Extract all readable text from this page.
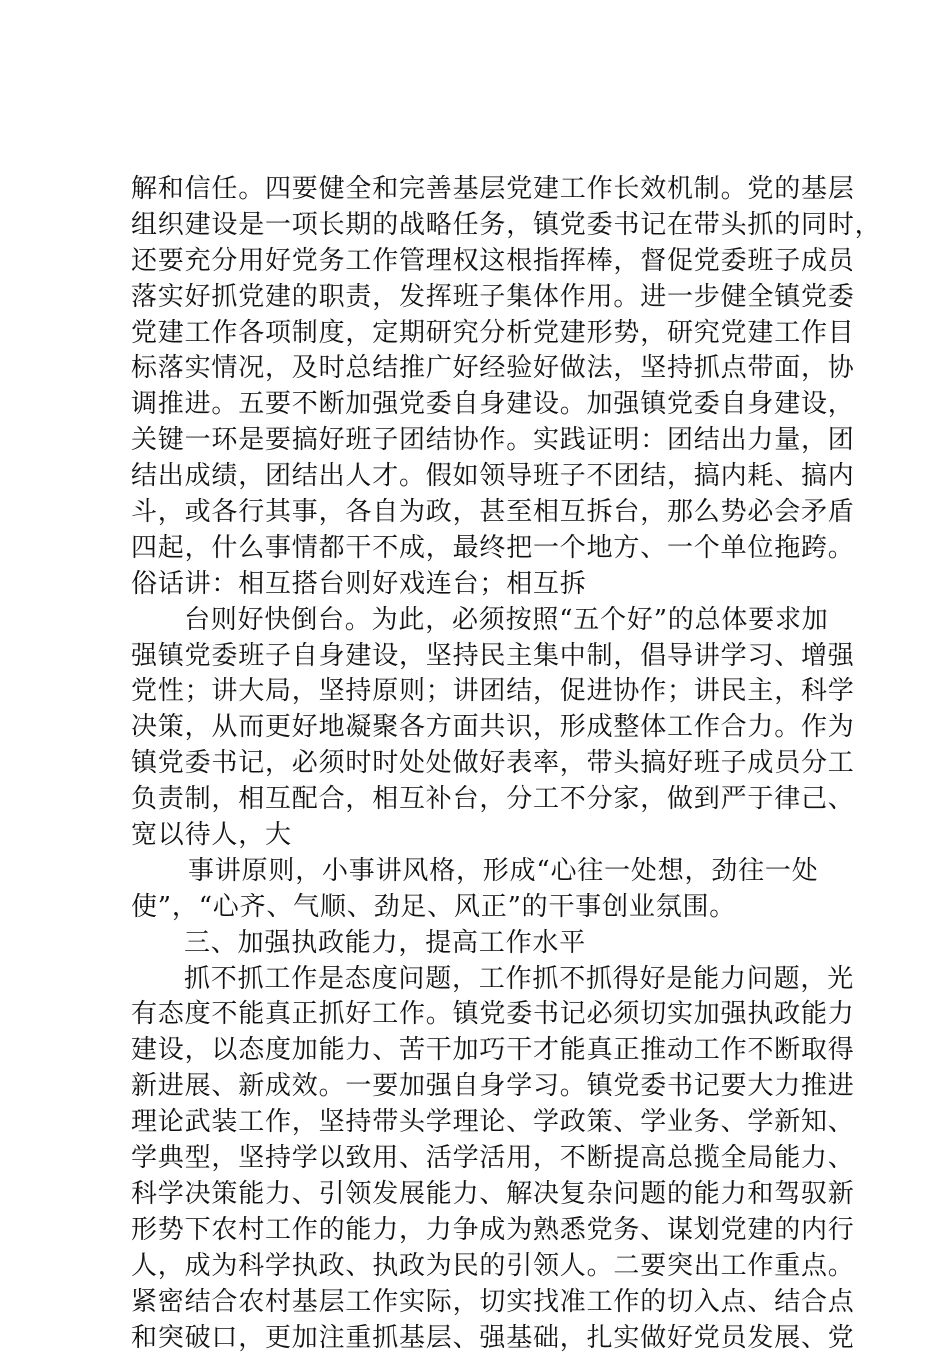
解和信任。四要健全和完善基层党建工作长效机制。党的基层
组织建设是一项长期的战略任务，镇党委书记在带头抓的同时，
还要充分用好党务工作管理权这根指挥棒，督促党委班子成员
落实好抓党建的职责，发挥班子集体作用。进一步健全镇党委
党建工作各项制度，定期研究分析党建形势，研究党建工作目
标落实情况，及时总结推广好经验好做法，坚持抓点带面，协
调推进。五要不断加强党委自身建设。加强镇党委自身建设，
关键一环是要搞好班子团结协作。实践证明：团结出力量，团
结出成绩，团结出人才。假如领导班子不团结，搞内耗、搞内
斗，或各行其事，各自为政，甚至相互拆台，那么势必会矛盾
四起，什么事情都干不成，最终把一个地方、一个单位拖跨。
俗话讲：相互搭台则好戏连台；相互拆
台则好快倒台。为此，必须按照“五个好”的总体要求加
强镇党委班子自身建设，坚持民主集中制，倡导讲学习、增强
党性；讲大局，坚持原则；讲团结，促进协作；讲民主，科学
决策，从而更好地凝聚各方面共识，形成整体工作合力。作为
镇党委书记，必须时时处处做好表率，带头搞好班子成员分工
负责制，相互配合，相互补台，分工不分家，做到严于律己、
宽以待人，大
事讲原则，小事讲风格，形成“心往一处想，劲往一处
使”，“心齐、气顺、劲足、风正”的干事创业氛围。
三、加强执政能力，提高工作水平
抓不抓工作是态度问题，工作抓不抓得好是能力问题，光
有态度不能真正抓好工作。镇党委书记必须切实加强执政能力
建设，以态度加能力、苦干加巧干才能真正推动工作不断取得
新进展、新成效。一要加强自身学习。镇党委书记要大力推进
理论武装工作，坚持带头学理论、学政策、学业务、学新知、
学典型，坚持学以致用、活学活用，不断提高总揽全局能力、
科学决策能力、引领发展能力、解决复杂问题的能力和驾驭新
形势下农村工作的能力，力争成为熟悉党务、谋划党建的内行
人，成为科学执政、执政为民的引领人。二要突出工作重点。
紧密结合农村基层工作实际，切实找准工作的切入点、结合点
和突破口，更加注重抓基层、强基础，扎实做好党员发展、党
